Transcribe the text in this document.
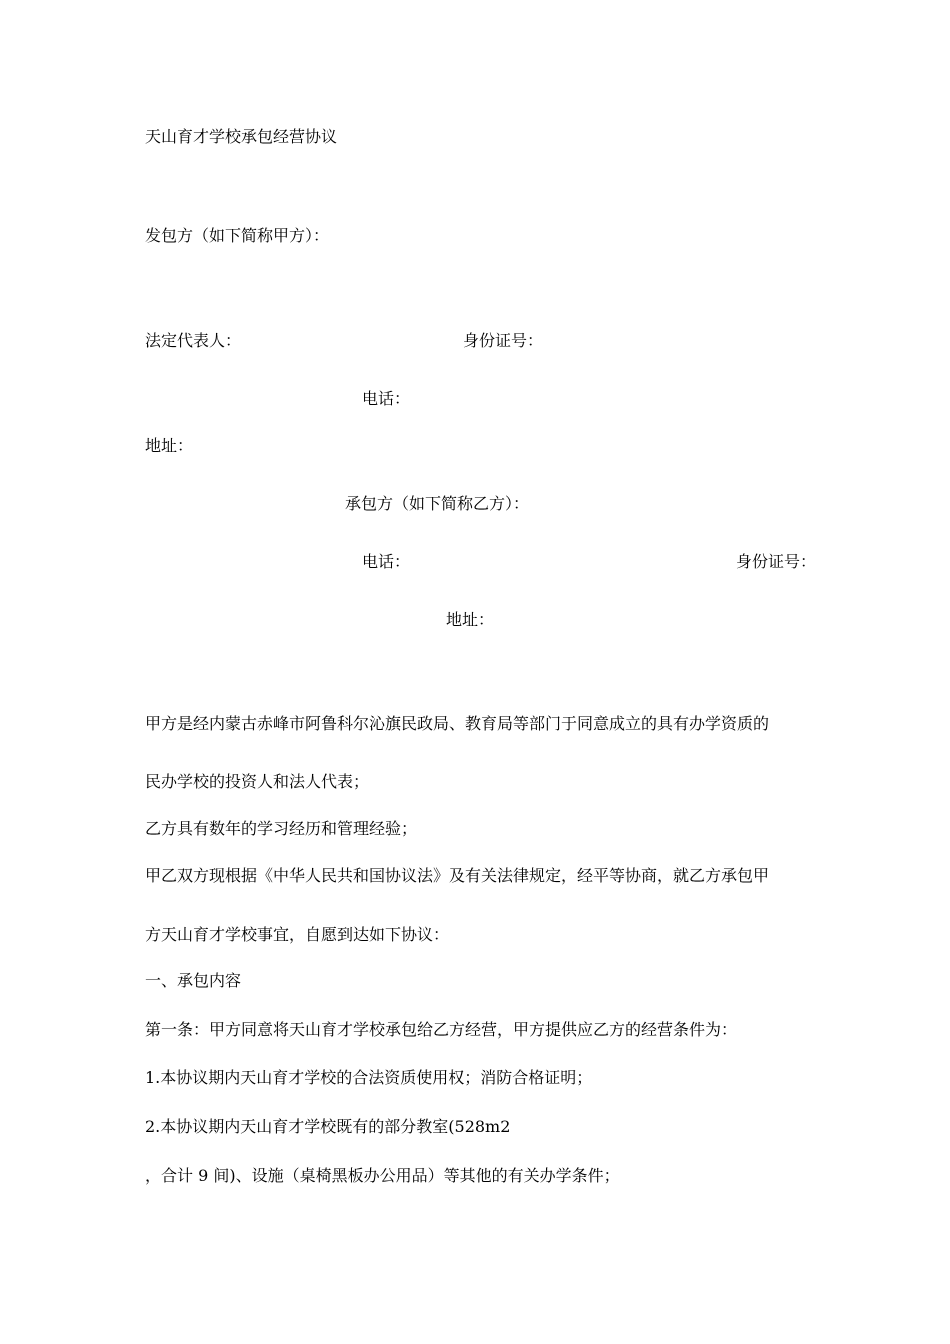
天山育才学校承包经营协议
发包方（如下简称甲方）：
法定代表人：	身份证号：
电话：
地址：
承包方（如下简称乙方）：
电话：	身份证号：
地址：
甲方是经内蒙古赤峰市阿鲁科尔沁旗民政局、教育局等部门于同意成立的具有办学资质的
民办学校的投资人和法人代表；
乙方具有数年的学习经历和管理经验；
甲乙双方现根据《中华人民共和国协议法》及有关法律规定，经平等协商，就乙方承包甲
方天山育才学校事宜，自愿到达如下协议：
一、承包内容
第一条：甲方同意将天山育才学校承包给乙方经营，甲方提供应乙方的经营条件为：
1.本协议期内天山育才学校的合法资质使用权；消防合格证明；
2.本协议期内天山育才学校既有的部分教室(528m2
，合计 9 间)、设施（桌椅黑板办公用品）等其他的有关办学条件；
